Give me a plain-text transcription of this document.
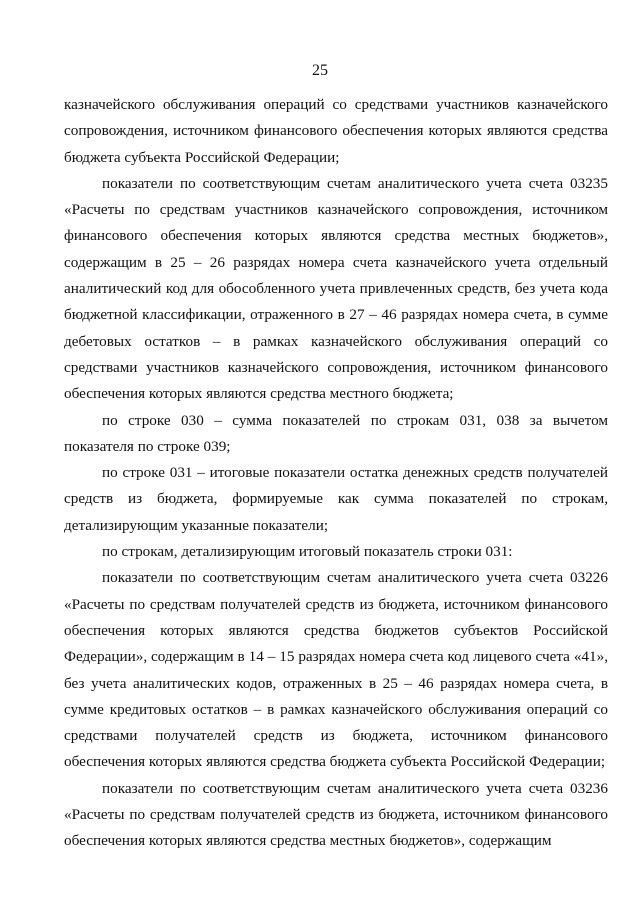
25

казначейского обслуживания операций со средствами участников казначейского сопровождения, источником финансового обеспечения которых являются средства бюджета субъекта Российской Федерации;

показатели по соответствующим счетам аналитического учета счета 03235 «Расчеты по средствам участников казначейского сопровождения, источником финансового обеспечения которых являются средства местных бюджетов», содержащим в 25 – 26 разрядах номера счета казначейского учета отдельный аналитический код для обособленного учета привлеченных средств, без учета кода бюджетной классификации, отраженного в 27 – 46 разрядах номера счета, в сумме дебетовых остатков – в рамках казначейского обслуживания операций со средствами участников казначейского сопровождения, источником финансового обеспечения которых являются средства местного бюджета;

по строке 030 – сумма показателей по строкам 031, 038 за вычетом показателя по строке 039;

по строке 031 – итоговые показатели остатка денежных средств получателей средств из бюджета, формируемые как сумма показателей по строкам, детализирующим указанные показатели;

по строкам, детализирующим итоговый показатель строки 031:

показатели по соответствующим счетам аналитического учета счета 03226 «Расчеты по средствам получателей средств из бюджета, источником финансового обеспечения которых являются средства бюджетов субъектов Российской Федерации», содержащим в 14 – 15 разрядах номера счета код лицевого счета «41», без учета аналитических кодов, отраженных в 25 – 46 разрядах номера счета, в сумме кредитовых остатков – в рамках казначейского обслуживания операций со средствами получателей средств из бюджета, источником финансового обеспечения которых являются средства бюджета субъекта Российской Федерации;

показатели по соответствующим счетам аналитического учета счета 03236 «Расчеты по средствам получателей средств из бюджета, источником финансового обеспечения которых являются средства местных бюджетов», содержащим
